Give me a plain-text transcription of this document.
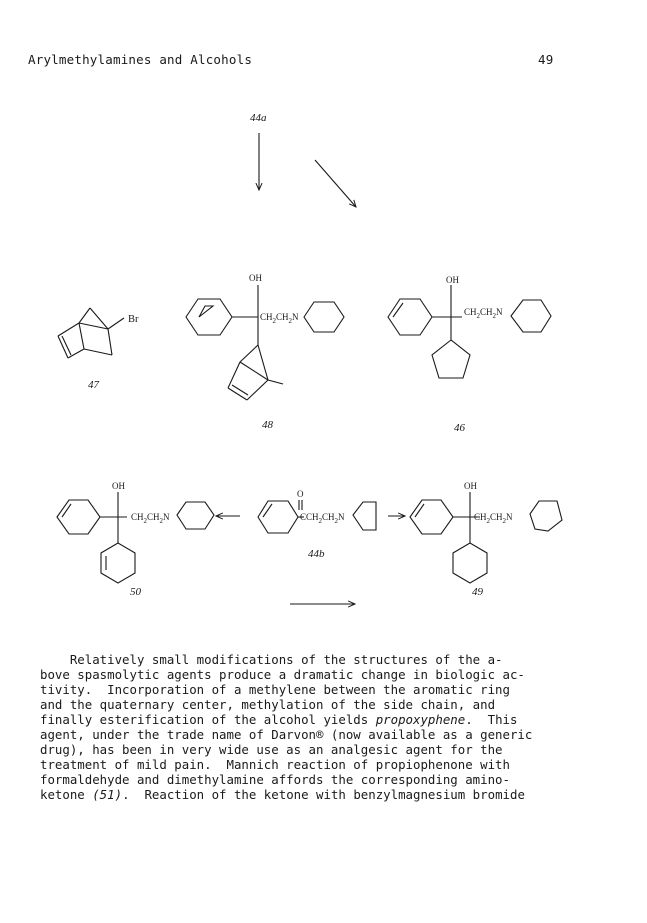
Arylmethylamines and Alcohols	49
44a
47
48	46
50
44b
49
Br
OH
$CH_2CH_2N$
OH
$CH_2CH_2N$
OH
$CH_2CH_2N$
O
$CCH_2CH_2N$
OH
$CH_2CH_2N$
Relatively small modifications of the structures of the a-
bove spasmolytic agents produce a dramatic change in biologic ac-
tivity.  Incorporation of a methylene between the aromatic ring
and the quaternary center, methylation of the side chain, and
finally esterification of the alcohol yields propoxyphene.  This
agent, under the trade name of Darvon® (now available as a generic
drug), has been in very wide use as an analgesic agent for the
treatment of mild pain.  Mannich reaction of propiophenone with
formaldehyde and dimethylamine affords the corresponding amino-
ketone (51).  Reaction of the ketone with benzylmagnesium bromide
